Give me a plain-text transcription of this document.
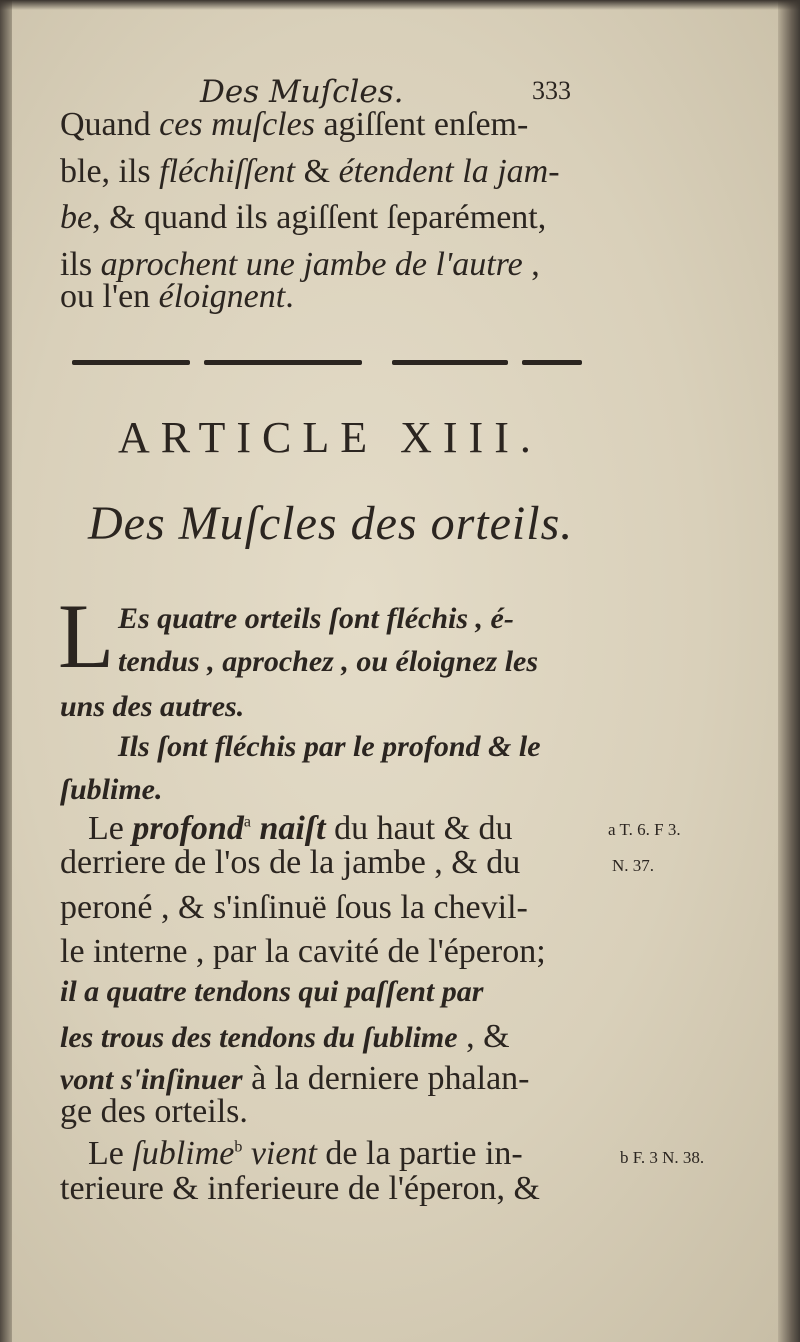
Des Muſcles.	333

Quand ces muſcles agiſſent enſem-

ble, ils fléchiſſent & étendent la jam-

be, & quand ils agiſſent ſeparément,

ils aprochent une jambe de l'autre ,

ou l'en éloignent.

ARTICLE XIII.

Des Muſcles des orteils.

L Es quatre orteils ſont fléchis , é-

tendus , aprochez , ou éloignez les

uns des autres.

Ils ſont fléchis par le profond & le

ſublime.

Le profond$^a$ naiſt du haut & du

derriere de l'os de la jambe , & du

peroné , & s'inſinuë ſous la chevil-

le interne , par la cavité de l'éperon;

il a quatre tendons qui paſſent par

les trous des tendons du ſublime , &

vont s'inſinuer à la derniere phalan-

ge des orteils.

Le ſublime$^b$ vient de la partie in-

terieure & inferieure de l'éperon, &

a T. 6. F 3.
N. 37.
b F. 3 N. 38.
